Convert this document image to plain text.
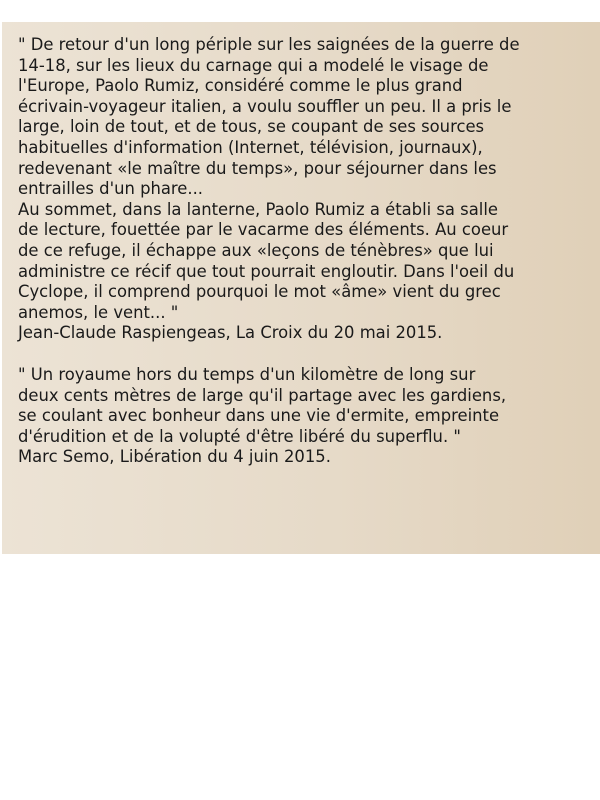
" De retour d'un long périple sur les saignées de la guerre de
14-18, sur les lieux du carnage qui a modelé le visage de
l'Europe, Paolo Rumiz, considéré comme le plus grand
écrivain-voyageur italien, a voulu souffler un peu. Il a pris le
large, loin de tout, et de tous, se coupant de ses sources
habituelles d'information (Internet, télévision, journaux),
redevenant «le maître du temps», pour séjourner dans les
entrailles d'un phare...
Au sommet, dans la lanterne, Paolo Rumiz a établi sa salle
de lecture, fouettée par le vacarme des éléments. Au coeur
de ce refuge, il échappe aux «leçons de ténèbres» que lui
administre ce récif que tout pourrait engloutir. Dans l'oeil du
Cyclope, il comprend pourquoi le mot «âme» vient du grec
anemos, le vent... "
Jean-Claude Raspiengeas, La Croix du 20 mai 2015.
" Un royaume hors du temps d'un kilomètre de long sur
deux cents mètres de large qu'il partage avec les gardiens,
se coulant avec bonheur dans une vie d'ermite, empreinte
d'érudition et de la volupté d'être libéré du superflu. "
Marc Semo, Libération du 4 juin 2015.
